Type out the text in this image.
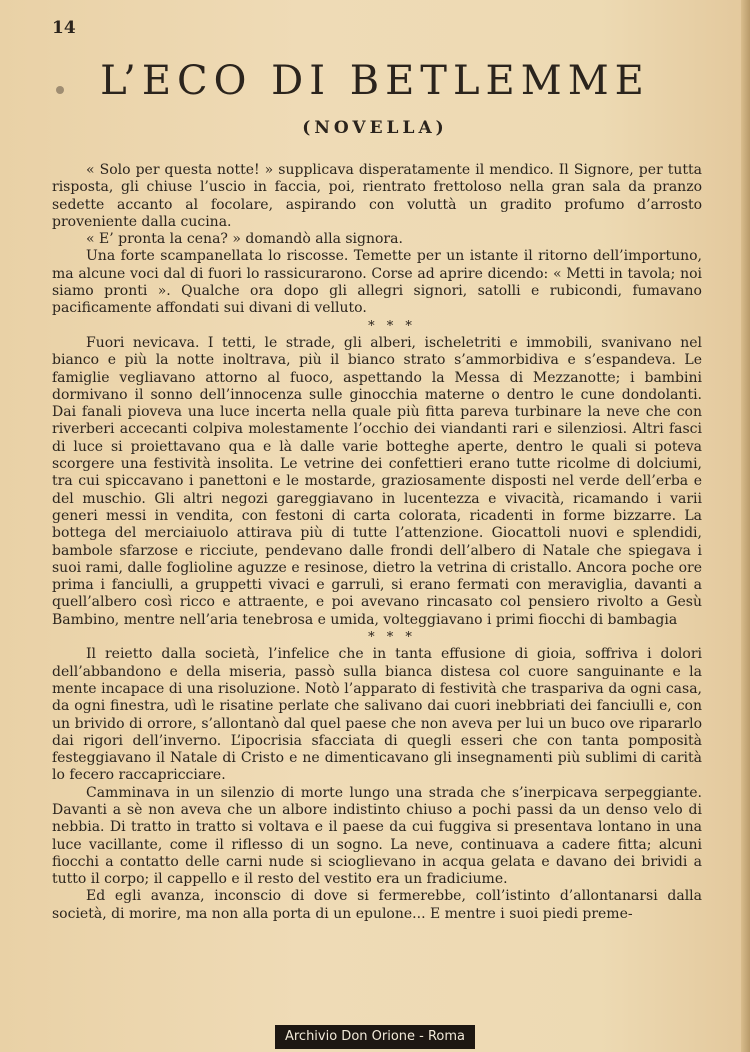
14
L’ECO DI BETLEMME
(NOVELLA)

« Solo per questa notte! » supplicava disperatamente il mendico. Il Signore, per tutta risposta, gli chiuse l’uscio in faccia, poi, rientrato frettoloso nella gran sala da pranzo sedette accanto al focolare, aspirando con voluttà un gradito profumo d’arrosto proveniente dalla cucina.

« E’ pronta la cena? » domandò alla signora.

Una forte scampanellata lo riscosse. Temette per un istante il ritorno dell’importuno, ma alcune voci dal di fuori lo rassicurarono. Corse ad aprire dicendo: « Metti in tavola; noi siamo pronti ». Qualche ora dopo gli allegri signori, satolli e rubicondi, fumavano pacificamente affondati sui divani di velluto.

* * *

Fuori nevicava. I tetti, le strade, gli alberi, ischeletriti e immobili, svanivano nel bianco e più la notte inoltrava, più il bianco strato s’ammorbidiva e s’espandeva. Le famiglie vegliavano attorno al fuoco, aspettando la Messa di Mezzanotte; i bambini dormivano il sonno dell’innocenza sulle ginocchia materne o dentro le cune dondolanti. Dai fanali pioveva una luce incerta nella quale più fitta pareva turbinare la neve che con riverberi accecanti colpiva molestamente l’occhio dei viandanti rari e silenziosi. Altri fasci di luce si proiettavano qua e là dalle varie botteghe aperte, dentro le quali si poteva scorgere una festività insolita. Le vetrine dei confettieri erano tutte ricolme di dolciumi, tra cui spiccavano i panettoni e le mostarde, graziosamente disposti nel verde dell’erba e del muschio. Gli altri negozi gareggiavano in lucentezza e vivacità, ricamando i varii generi messi in vendita, con festoni di carta colorata, ricadenti in forme bizzarre. La bottega del merciaiuolo attirava più di tutte l’attenzione. Giocattoli nuovi e splendidi, bambole sfarzose e ricciute, pendevano dalle frondi dell’albero di Natale che spiegava i suoi rami, dalle foglioline aguzze e resinose, dietro la vetrina di cristallo. Ancora poche ore prima i fanciulli, a gruppetti vivaci e garruli, si erano fermati con meraviglia, davanti a quell’albero così ricco e attraente, e poi avevano rincasato col pensiero rivolto a Gesù Bambino, mentre nell’aria tenebrosa e umida, volteggiavano i primi fiocchi di bambagia

* * *

Il reietto dalla società, l’infelice che in tanta effusione di gioia, soffriva i dolori dell’abbandono e della miseria, passò sulla bianca distesa col cuore sanguinante e la mente incapace di una risoluzione. Notò l’apparato di festività che traspariva da ogni casa, da ogni finestra, udì le risatine perlate che salivano dai cuori inebbriati dei fanciulli e, con un brivido di orrore, s’allontanò dal quel paese che non aveva per lui un buco ove ripararlo dai rigori dell’inverno. L’ipocrisia sfacciata di quegli esseri che con tanta pomposità festeggiavano il Natale di Cristo e ne dimenticavano gli insegnamenti più sublimi di carità lo fecero raccapricciare.

Camminava in un silenzio di morte lungo una strada che s’inerpicava serpeggiante. Davanti a sè non aveva che un albore indistinto chiuso a pochi passi da un denso velo di nebbia. Di tratto in tratto si voltava e il paese da cui fuggiva si presentava lontano in una luce vacillante, come il riflesso di un sogno. La neve, continuava a cadere fitta; alcuni fiocchi a contatto delle carni nude si scioglievano in acqua gelata e davano dei brividi a tutto il corpo; il cappello e il resto del vestito era un fradiciume.

Ed egli avanza, inconscio di dove si fermerebbe, coll’istinto d’allontanarsi dalla società, di morire, ma non alla porta di un epulone... E mentre i suoi piedi preme-

Archivio Don Orione - Roma
